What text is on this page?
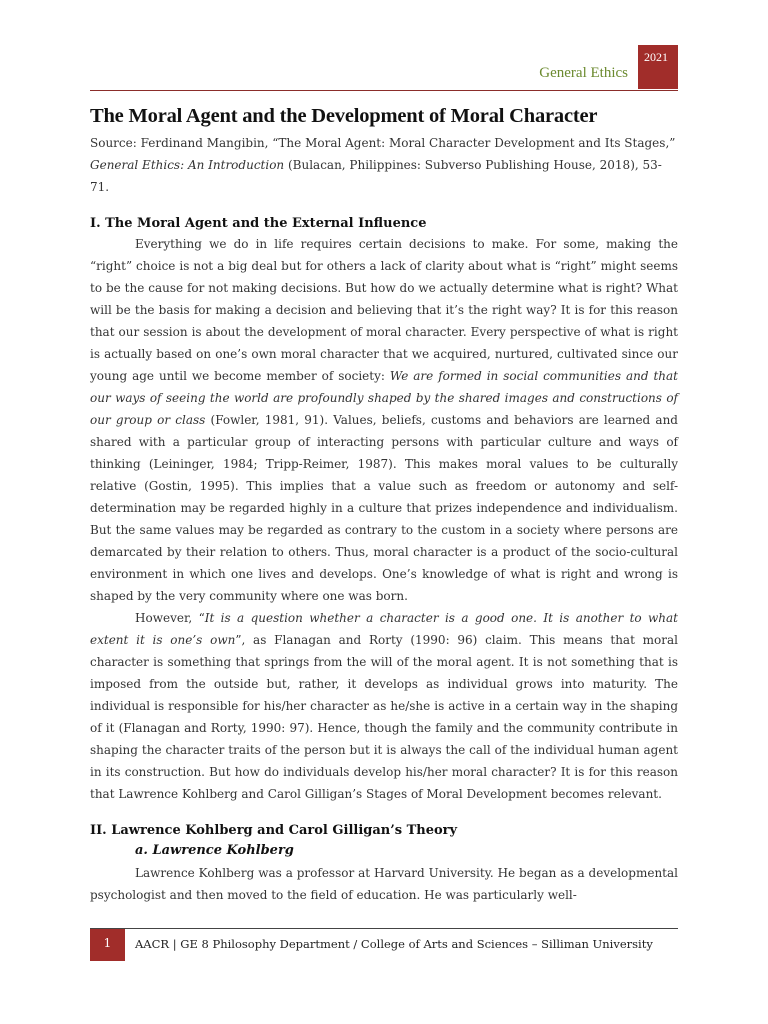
General Ethics
2021
The Moral Agent and the Development of Moral Character
Source: Ferdinand Mangibin, “The Moral Agent: Moral Character Development and Its Stages,” General Ethics: An Introduction (Bulacan, Philippines: Subverso Publishing House, 2018), 53-71.
I. The Moral Agent and the External Influence

Everything we do in life requires certain decisions to make. For some, making the “right” choice is not a big deal but for others a lack of clarity about what is “right” might seems to be the cause for not making decisions. But how do we actually determine what is right? What will be the basis for making a decision and believing that it’s the right way? It is for this reason that our session is about the development of moral character. Every perspective of what is right is actually based on one’s own moral character that we acquired, nurtured, cultivated since our young age until we become member of society: We are formed in social communities and that our ways of seeing the world are profoundly shaped by the shared images and constructions of our group or class (Fowler, 1981, 91). Values, beliefs, customs and behaviors are learned and shared with a particular group of interacting persons with particular culture and ways of thinking (Leininger, 1984; Tripp-Reimer, 1987). This makes moral values to be culturally relative (Gostin, 1995). This implies that a value such as freedom or autonomy and self-determination may be regarded highly in a culture that prizes independence and individualism. But the same values may be regarded as contrary to the custom in a society where persons are demarcated by their relation to others. Thus, moral character is a product of the socio-cultural environment in which one lives and develops. One’s knowledge of what is right and wrong is shaped by the very community where one was born.

However, “It is a question whether a character is a good one. It is another to what extent it is one’s own”, as Flanagan and Rorty (1990: 96) claim. This means that moral character is something that springs from the will of the moral agent. It is not something that is imposed from the outside but, rather, it develops as individual grows into maturity. The individual is responsible for his/her character as he/she is active in a certain way in the shaping of it (Flanagan and Rorty, 1990: 97). Hence, though the family and the community contribute in shaping the character traits of the person but it is always the call of the individual human agent in its construction. But how do individuals develop his/her moral character? It is for this reason that Lawrence Kohlberg and Carol Gilligan’s Stages of Moral Development becomes relevant.

II. Lawrence Kohlberg and Carol Gilligan’s Theory
a. Lawrence Kohlberg

Lawrence Kohlberg was a professor at Harvard University. He began as a developmental psychologist and then moved to the field of education. He was particularly well-

1	AACR | GE 8 Philosophy Department / College of Arts and Sciences – Silliman University
